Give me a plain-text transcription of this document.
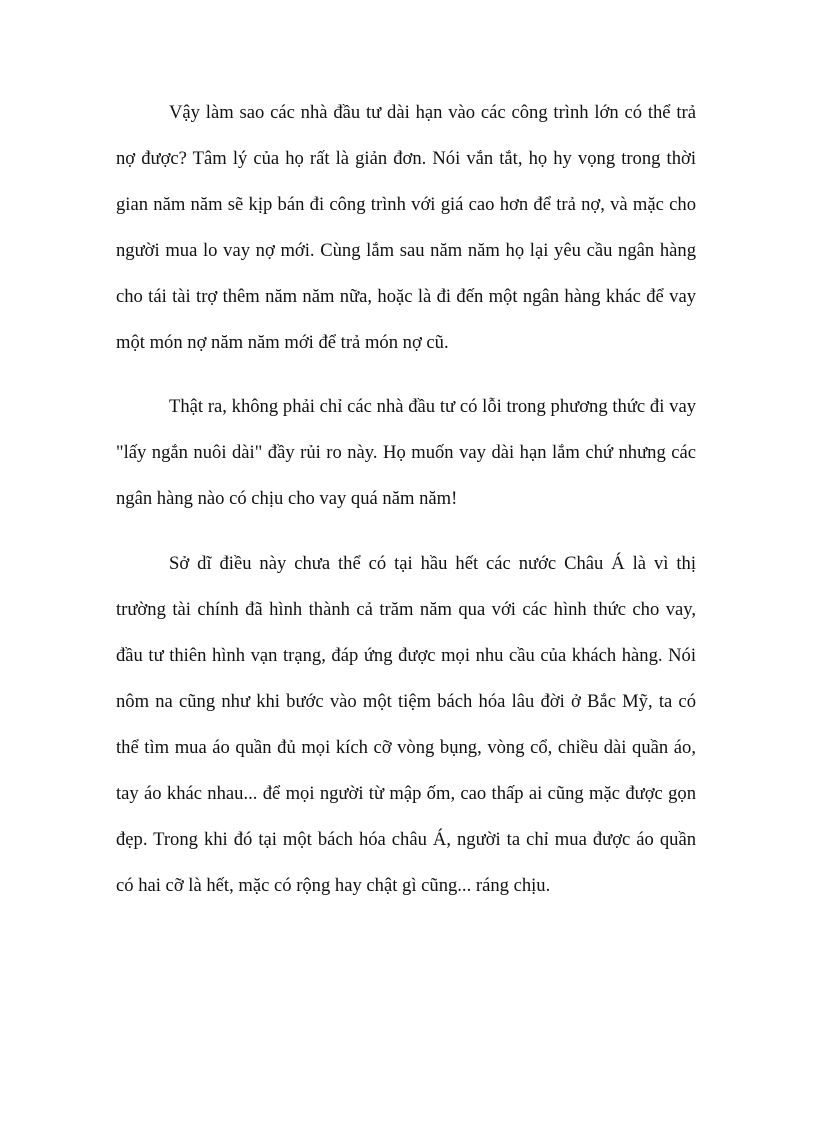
Vậy làm sao các nhà đầu tư dài hạn vào các công trình lớn có thể trả
nợ được? Tâm lý của họ rất là giản đơn. Nói vắn tắt, họ hy vọng trong thời
gian năm năm sẽ kịp bán đi công trình với giá cao hơn để trả nợ, và mặc cho
người mua lo vay nợ mới. Cùng lắm sau năm năm họ lại yêu cầu ngân hàng
cho tái tài trợ thêm năm năm nữa, hoặc là đi đến một ngân hàng khác để vay
một món nợ năm năm mới để trả món nợ cũ.
Thật ra, không phải chỉ các nhà đầu tư có lỗi trong phương thức đi vay
"lấy ngắn nuôi dài" đầy rủi ro này. Họ muốn vay dài hạn lắm chứ nhưng các
ngân hàng nào có chịu cho vay quá năm năm!
Sở dĩ điều này chưa thể có tại hầu hết các nước Châu Á là vì thị
trường tài chính đã hình thành cả trăm năm qua với các hình thức cho vay,
đầu tư thiên hình vạn trạng, đáp ứng được mọi nhu cầu của khách hàng. Nói
nôm na cũng như khi bước vào một tiệm bách hóa lâu đời ở Bắc Mỹ, ta có
thể tìm mua áo quần đủ mọi kích cỡ vòng bụng, vòng cổ, chiều dài quần áo,
tay áo khác nhau... để mọi người từ mập ốm, cao thấp ai cũng mặc được gọn
đẹp. Trong khi đó tại một bách hóa châu Á, người ta chỉ mua được áo quần
có hai cỡ là hết, mặc có rộng hay chật gì cũng... ráng chịu.
